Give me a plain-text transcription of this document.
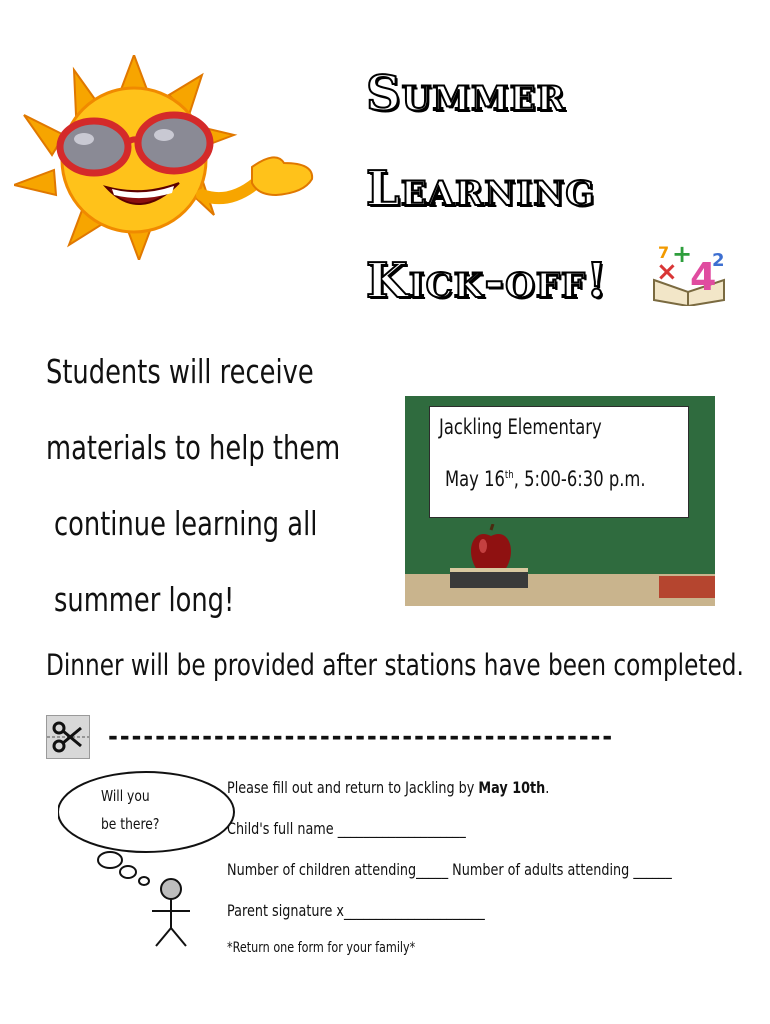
Summer
Learning
Kick-off! ×
+
4
2
7
Students will receive
materials to help them
continue learning all
summer long!
Jackling Elementary
May 16th, 5:00-6:30 p.m.
Dinner will be provided after stations have been completed.
-------------------------------------------
Will you
be there?
Please fill out and return to Jackling by May 10th.
Child's full name ____________________
Number of children attending_____ Number of adults attending ______
Parent signature x______________________
*Return one form for your family*
